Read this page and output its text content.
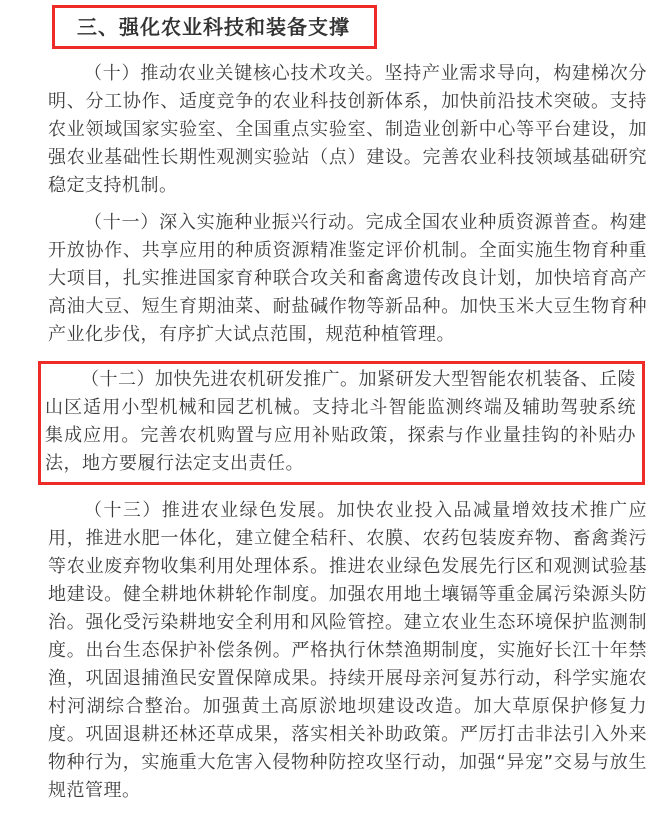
三、强化农业科技和装备支撑

（十）推动农业关键核心技术攻关。坚持产业需求导向，构建梯次分明、分工协作、适度竞争的农业科技创新体系，加快前沿技术突破。支持农业领域国家实验室、全国重点实验室、制造业创新中心等平台建设，加强农业基础性长期性观测实验站（点）建设。完善农业科技领域基础研究稳定支持机制。

（十一）深入实施种业振兴行动。完成全国农业种质资源普查。构建开放协作、共享应用的种质资源精准鉴定评价机制。全面实施生物育种重大项目，扎实推进国家育种联合攻关和畜禽遗传改良计划，加快培育高产高油大豆、短生育期油菜、耐盐碱作物等新品种。加快玉米大豆生物育种产业化步伐，有序扩大试点范围，规范种植管理。

（十二）加快先进农机研发推广。加紧研发大型智能农机装备、丘陵山区适用小型机械和园艺机械。支持北斗智能监测终端及辅助驾驶系统集成应用。完善农机购置与应用补贴政策，探索与作业量挂钩的补贴办法，地方要履行法定支出责任。

（十三）推进农业绿色发展。加快农业投入品减量增效技术推广应用，推进水肥一体化，建立健全秸秆、农膜、农药包装废弃物、畜禽粪污等农业废弃物收集利用处理体系。推进农业绿色发展先行区和观测试验基地建设。健全耕地休耕轮作制度。加强农用地土壤镉等重金属污染源头防治。强化受污染耕地安全利用和风险管控。建立农业生态环境保护监测制度。出台生态保护补偿条例。严格执行休禁渔期制度，实施好长江十年禁渔，巩固退捕渔民安置保障成果。持续开展母亲河复苏行动，科学实施农村河湖综合整治。加强黄土高原淤地坝建设改造。加大草原保护修复力度。巩固退耕还林还草成果，落实相关补助政策。严厉打击非法引入外来物种行为，实施重大危害入侵物种防控攻坚行动，加强“异宠”交易与放生规范管理。
